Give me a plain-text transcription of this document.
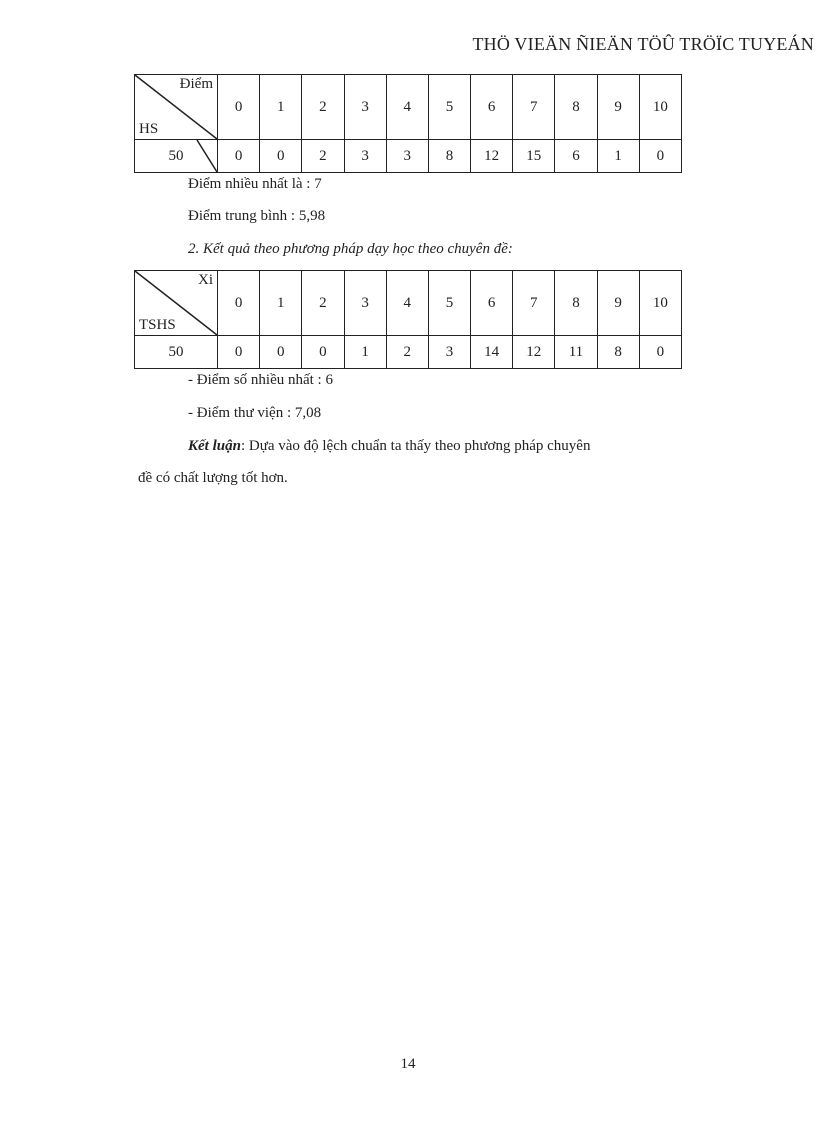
THÖ VIEÄN ÑIEÄN TÖÛ TRÖÏC TUYEÁN
Điểm
HS	0	1	2	3	4	5	6	7	8	9	10

50	0	0	2	3	3	8	12	15	6	1	0
Điểm nhiều nhất là : 7
Điểm trung bình : 5,98
2. Kết quả theo phương pháp dạy học theo chuyên đề:
Xi
TSHS	0	1	2	3	4	5	6	7	8	9	10
50	0	0	0	1	2	3	14	12	11	8	0
- Điểm số nhiều nhất : 6
- Điểm thư viện : 7,08
Kết luận: Dựa vào độ lệch chuẩn ta thấy theo phương pháp chuyên
đề có chất lượng tốt hơn.
14
